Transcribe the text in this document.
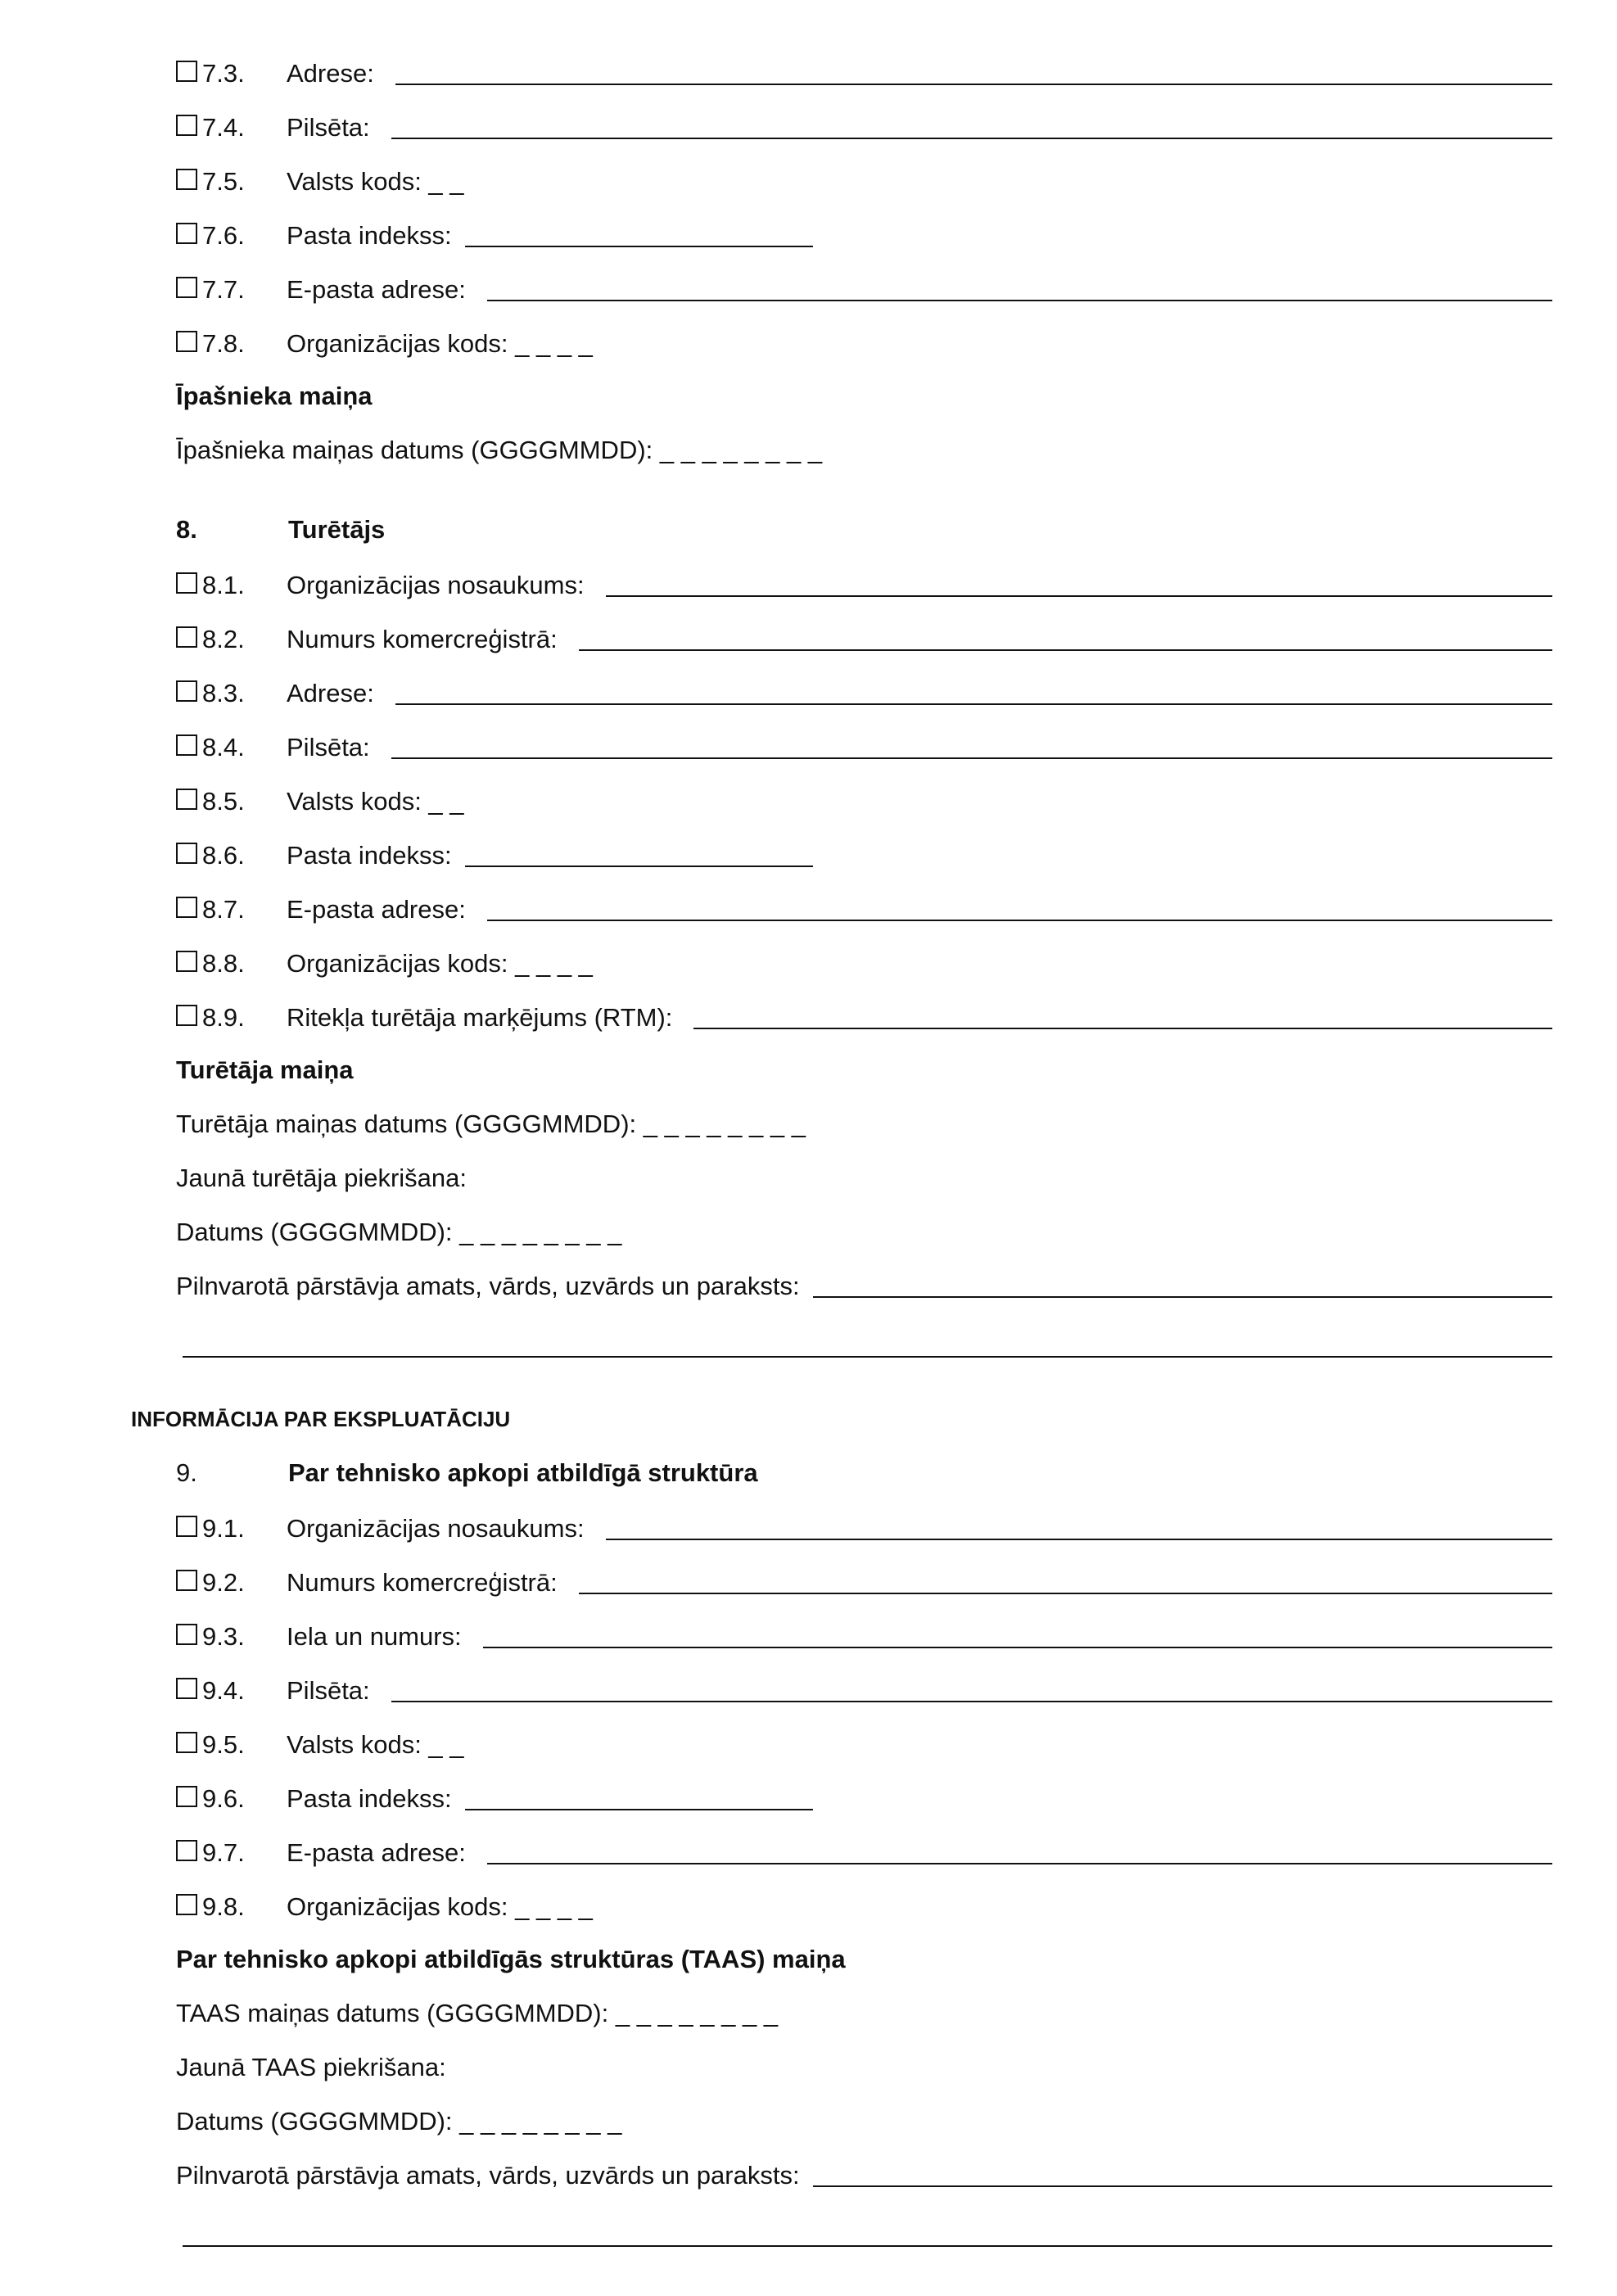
7.3.	Adrese:
7.4.	Pilsēta:
7.5.	Valsts kods: _ _
7.6.	Pasta indekss:
7.7.	E-pasta adrese:
7.8.	Organizācijas kods: _ _ _ _
Īpašnieka maiņa
Īpašnieka maiņas datums (GGGGMMDD): _ _ _ _ _ _ _ _
8.	Turētājs
8.1.	Organizācijas nosaukums:
8.2.	Numurs komercreģistrā:
8.3.	Adrese:
8.4.	Pilsēta:
8.5.	Valsts kods: _ _
8.6.	Pasta indekss:
8.7.	E-pasta adrese:
8.8.	Organizācijas kods: _ _ _ _
8.9.	Ritekļa turētāja marķējums (RTM):
Turētāja maiņa
Turētāja maiņas datums (GGGGMMDD): _ _ _ _ _ _ _ _
Jaunā turētāja piekrišana:
Datums (GGGGMMDD): _ _ _ _ _ _ _ _
Pilnvarotā pārstāvja amats, vārds, uzvārds un paraksts:
INFORMĀCIJA PAR EKSPLUATĀCIJU
9.	Par tehnisko apkopi atbildīgā struktūra
9.1.	Organizācijas nosaukums:
9.2.	Numurs komercreģistrā:
9.3.	Iela un numurs:
9.4.	Pilsēta:
9.5.	Valsts kods: _ _
9.6.	Pasta indekss:
9.7.	E-pasta adrese:
9.8.	Organizācijas kods: _ _ _ _
Par tehnisko apkopi atbildīgās struktūras (TAAS) maiņa
TAAS maiņas datums (GGGGMMDD): _ _ _ _ _ _ _ _
Jaunā TAAS piekrišana:
Datums (GGGGMMDD): _ _ _ _ _ _ _ _
Pilnvarotā pārstāvja amats, vārds, uzvārds un paraksts:
